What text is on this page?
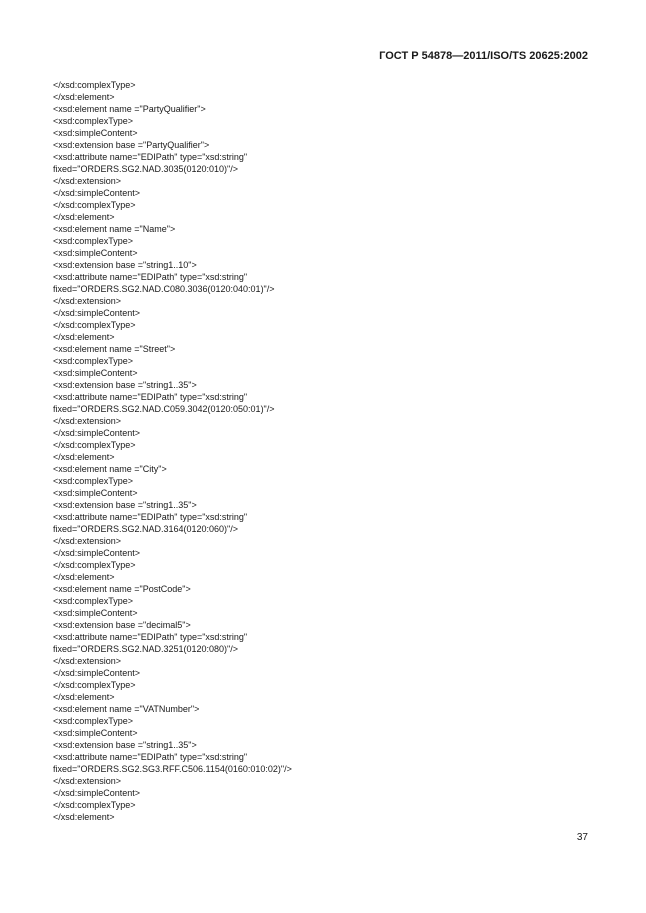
ГОСТ Р 54878—2011/ISO/TS 20625:2002
</xsd:complexType>
</xsd:element>
<xsd:element name ="PartyQualifier">
<xsd:complexType>
<xsd:simpleContent>
<xsd:extension base ="PartyQualifier">
<xsd:attribute name="EDIPath" type="xsd:string"
fixed="ORDERS.SG2.NAD.3035(0120:010)"/>
</xsd:extension>
</xsd:simpleContent>
</xsd:complexType>
</xsd:element>
<xsd:element name ="Name">
<xsd:complexType>
<xsd:simpleContent>
<xsd:extension base ="string1..10">
<xsd:attribute name="EDIPath" type="xsd:string"
fixed="ORDERS.SG2.NAD.C080.3036(0120:040:01)"/>
</xsd:extension>
</xsd:simpleContent>
</xsd:complexType>
</xsd:element>
<xsd:element name ="Street">
<xsd:complexType>
<xsd:simpleContent>
<xsd:extension base ="string1..35">
<xsd:attribute name="EDIPath" type="xsd:string"
fixed="ORDERS.SG2.NAD.C059.3042(0120:050:01)"/>
</xsd:extension>
</xsd:simpleContent>
</xsd:complexType>
</xsd:element>
<xsd:element name ="City">
<xsd:complexType>
<xsd:simpleContent>
<xsd:extension base ="string1..35">
<xsd:attribute name="EDIPath" type="xsd:string"
fixed="ORDERS.SG2.NAD.3164(0120:060)"/>
</xsd:extension>
</xsd:simpleContent>
</xsd:complexType>
</xsd:element>
<xsd:element name ="PostCode">
<xsd:complexType>
<xsd:simpleContent>
<xsd:extension base ="decimal5">
<xsd:attribute name="EDIPath" type="xsd:string"
fixed="ORDERS.SG2.NAD.3251(0120:080)"/>
</xsd:extension>
</xsd:simpleContent>
</xsd:complexType>
</xsd:element>
<xsd:element name ="VATNumber">
<xsd:complexType>
<xsd:simpleContent>
<xsd:extension base ="string1..35">
<xsd:attribute name="EDIPath" type="xsd:string"
fixed="ORDERS.SG2.SG3.RFF.C506.1154(0160:010:02)"/>
</xsd:extension>
</xsd:simpleContent>
</xsd:complexType>
</xsd:element>
37
